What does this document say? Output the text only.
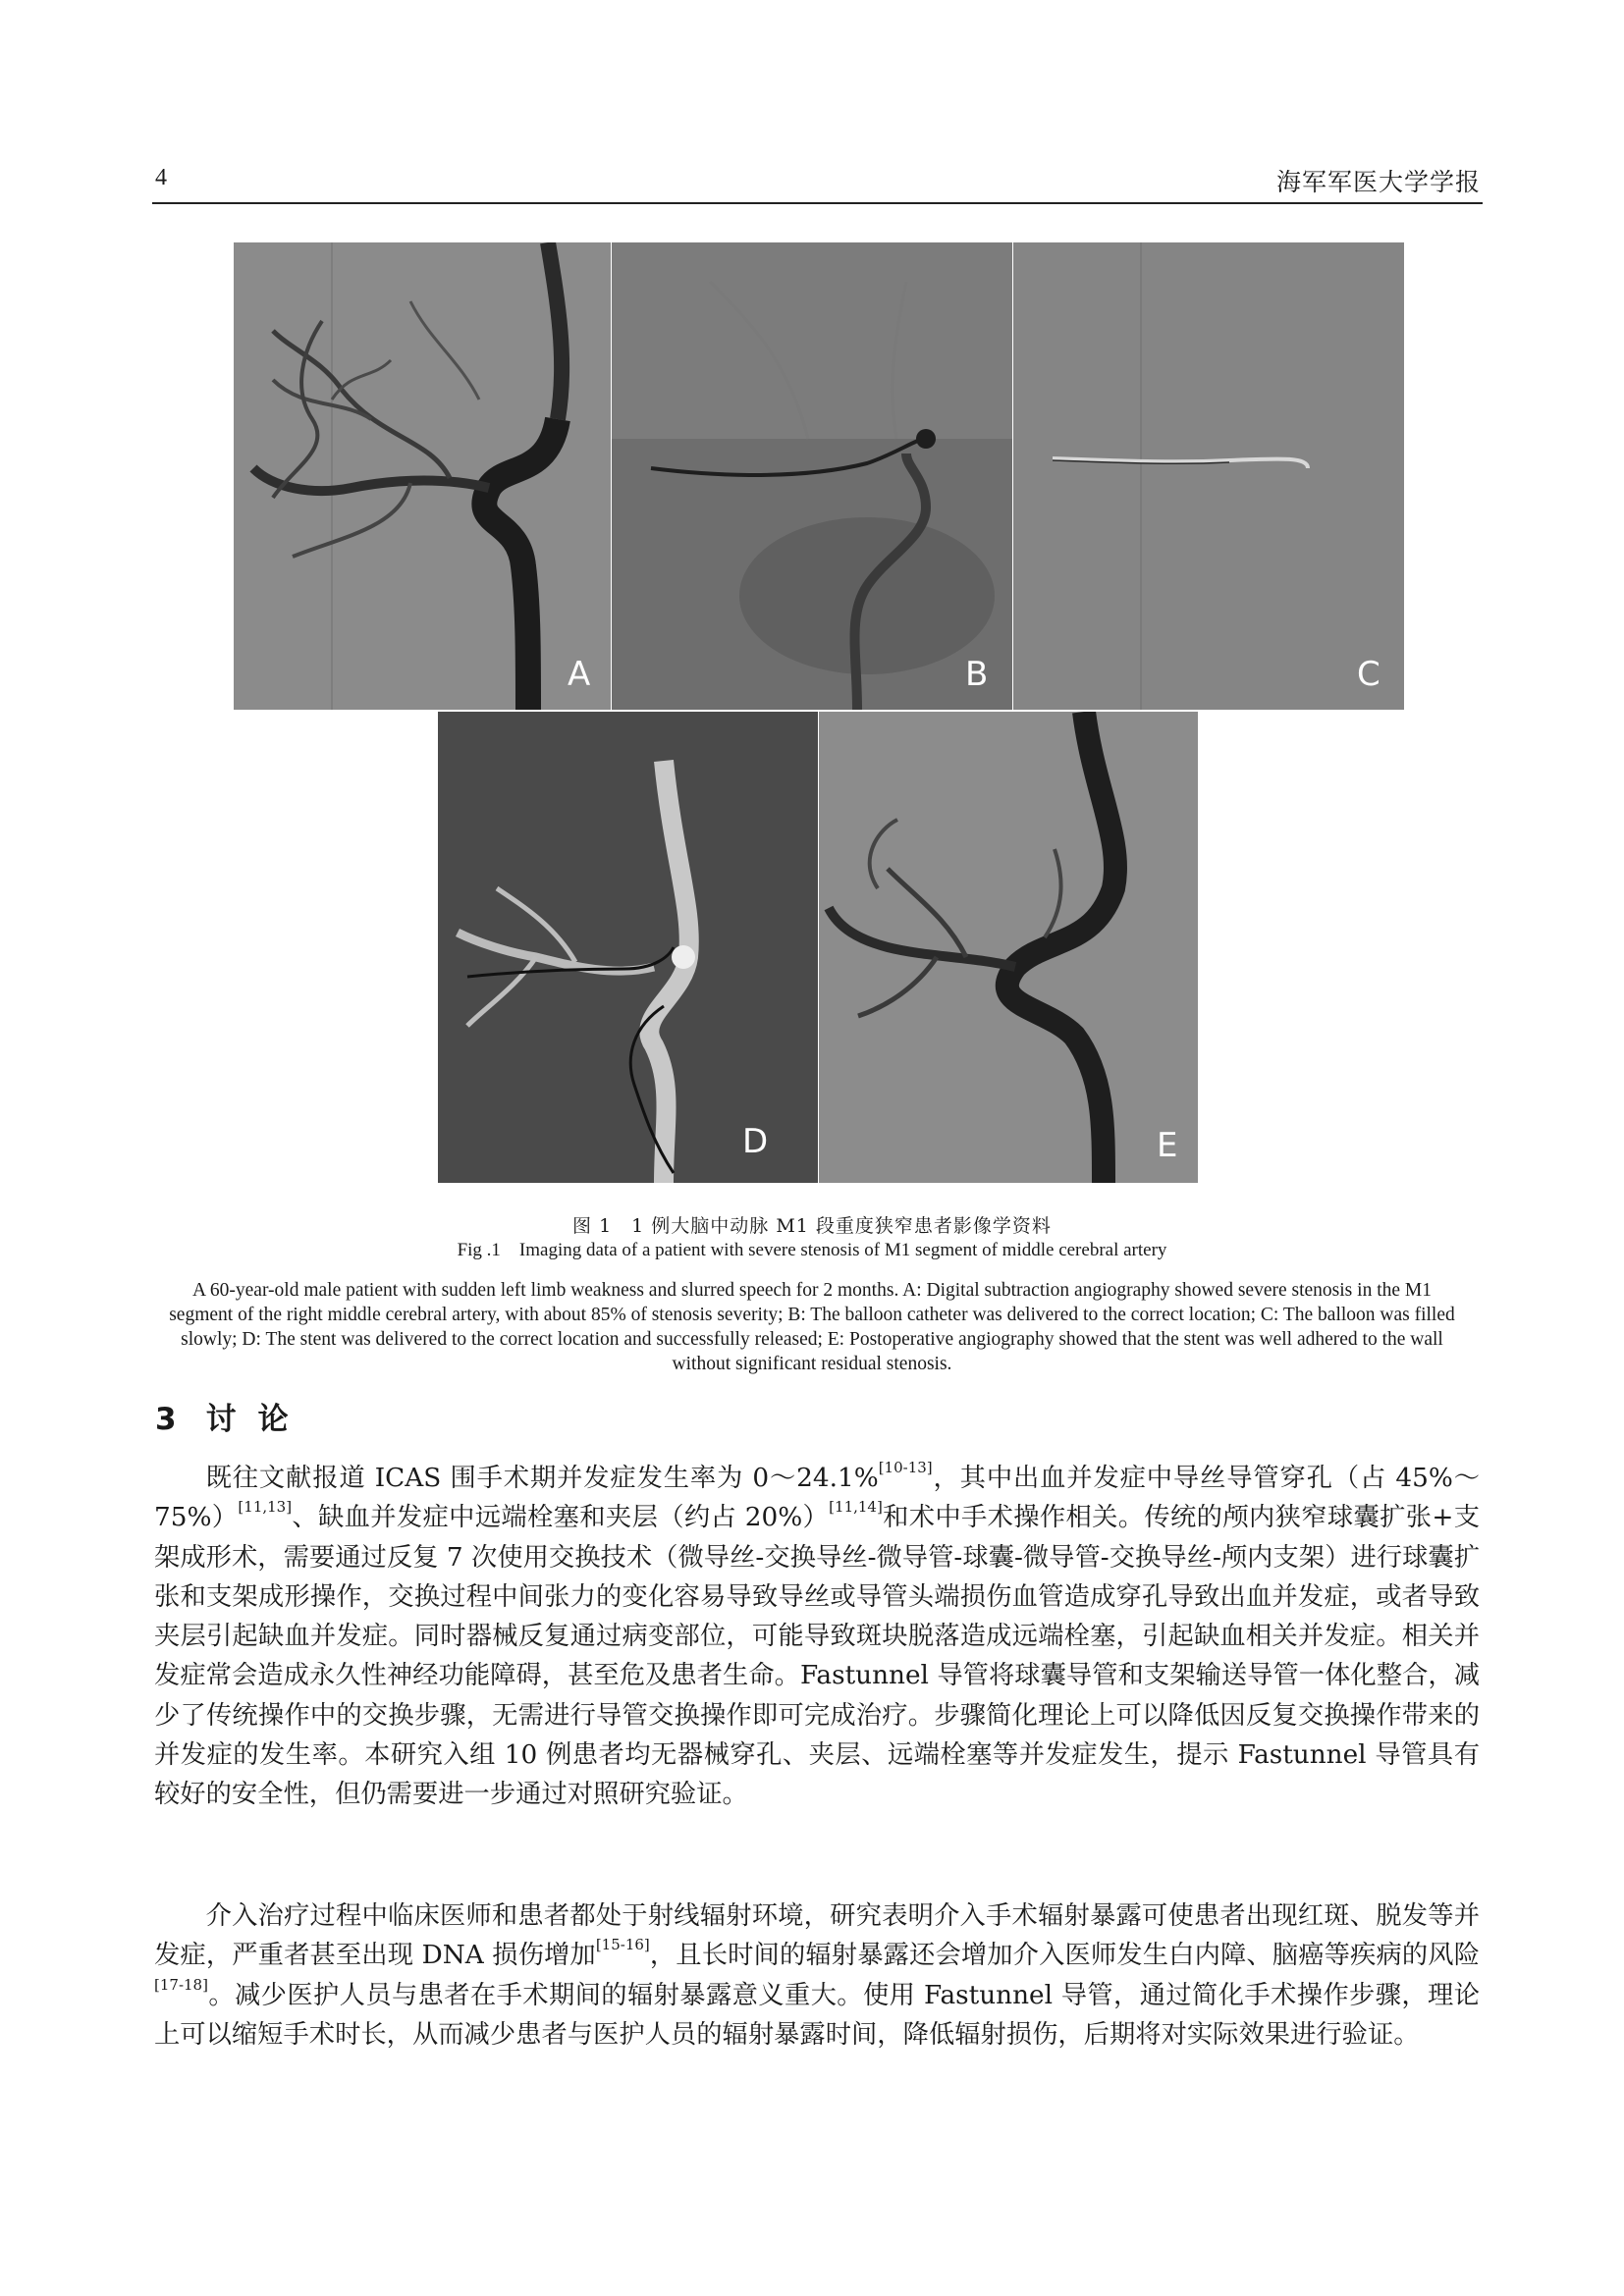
4	海军军医大学学报
A	B	C
D	E
图 1　1 例大脑中动脉 M1 段重度狭窄患者影像学资料
Fig .1　Imaging data of a patient with severe stenosis of M1 segment of middle cerebral artery
A 60-year-old male patient with sudden left limb weakness and slurred speech for 2 months. A: Digital subtraction angiography showed severe stenosis in the M1 segment of the right middle cerebral artery, with about 85% of stenosis severity; B: The balloon catheter was delivered to the correct location; C: The balloon was filled slowly; D: The stent was delivered to the correct location and successfully released; E: Postoperative angiography showed that the stent was well adhered to the wall without significant residual stenosis.
3 讨论
既往文献报道 ICAS 围手术期并发症发生率为 0～24.1%[10-13]，其中出血并发症中导丝导管穿孔（占 45%～75%）[11,13]、缺血并发症中远端栓塞和夹层（约占 20%）[11,14]和术中手术操作相关。传统的颅内狭窄球囊扩张+支架成形术，需要通过反复 7 次使用交换技术（微导丝-交换导丝-微导管-球囊-微导管-交换导丝-颅内支架）进行球囊扩张和支架成形操作，交换过程中间张力的变化容易导致导丝或导管头端损伤血管造成穿孔导致出血并发症，或者导致夹层引起缺血并发症。同时器械反复通过病变部位，可能导致斑块脱落造成远端栓塞，引起缺血相关并发症。相关并发症常会造成永久性神经功能障碍，甚至危及患者生命。Fastunnel 导管将球囊导管和支架输送导管一体化整合，减少了传统操作中的交换步骤，无需进行导管交换操作即可完成治疗。步骤简化理论上可以降低因反复交换操作带来的并发症的发生率。本研究入组 10 例患者均无器械穿孔、夹层、远端栓塞等并发症发生，提示 Fastunnel 导管具有较好的安全性，但仍需要进一步通过对照研究验证。
介入治疗过程中临床医师和患者都处于射线辐射环境，研究表明介入手术辐射暴露可使患者出现红斑、脱发等并发症，严重者甚至出现 DNA 损伤增加[15-16]，且长时间的辐射暴露还会增加介入医师发生白内障、脑癌等疾病的风险[17-18]。减少医护人员与患者在手术期间的辐射暴露意义重大。使用 Fastunnel 导管，通过简化手术操作步骤，理论上可以缩短手术时长，从而减少患者与医护人员的辐射暴露时间，降低辐射损伤，后期将对实际效果进行验证。
